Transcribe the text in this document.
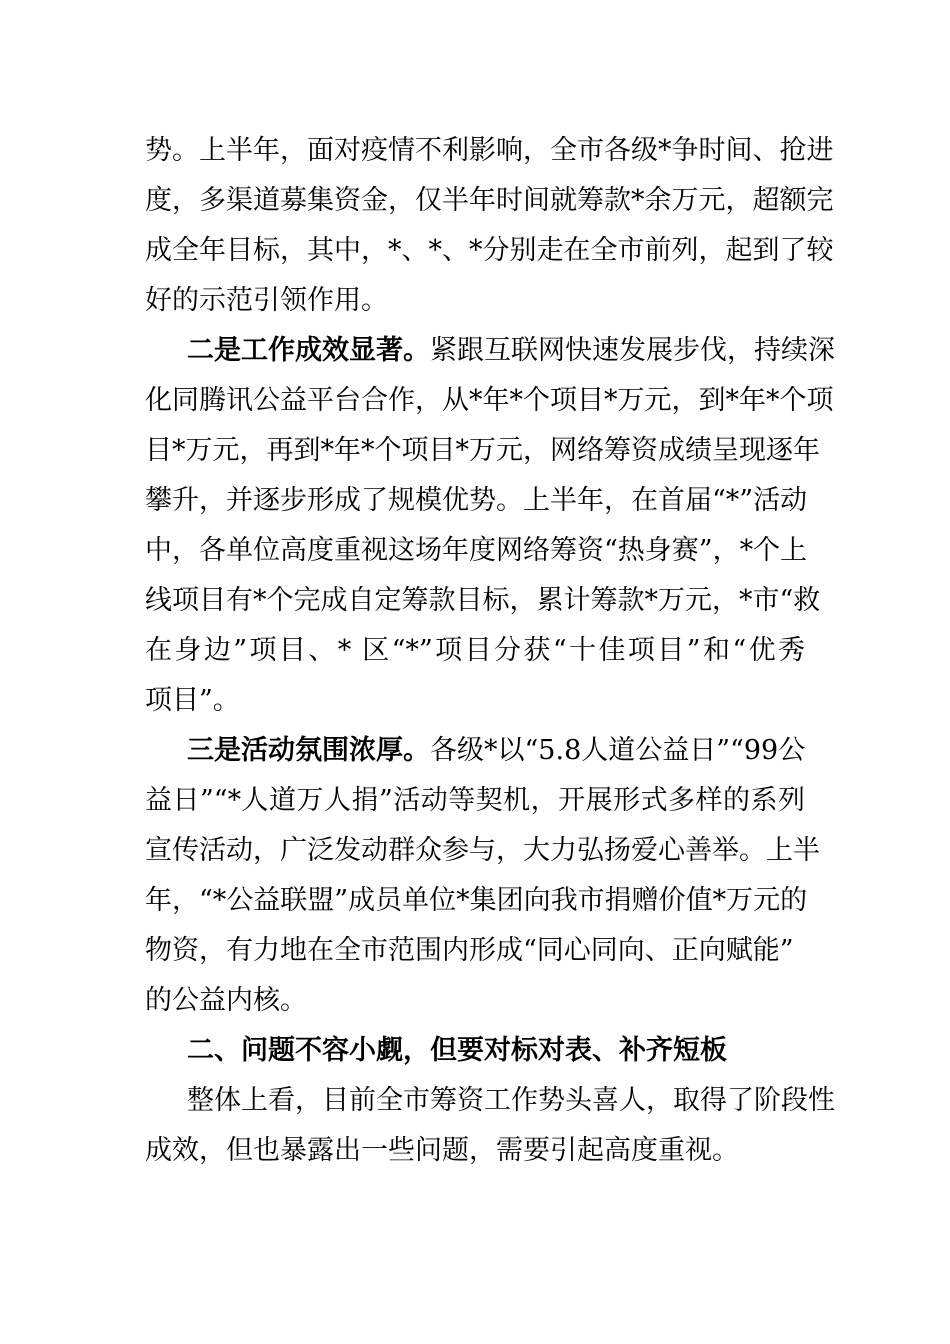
势。上半年，面对疫情不利影响，全市各级*争时间、抢进
度，多渠道募集资金，仅半年时间就筹款*余万元，超额完
成全年目标，其中，*、*、*分别走在全市前列，起到了较
好的示范引领作用。
二是工作成效显著。紧跟互联网快速发展步伐，持续深
化同腾讯公益平台合作，从*年*个项目*万元，到*年*个项
目*万元，再到*年*个项目*万元，网络筹资成绩呈现逐年
攀升，并逐步形成了规模优势。上半年，在首届“*”活动
中，各单位高度重视这场年度网络筹资“热身赛”，*个上
线项目有*个完成自定筹款目标，累计筹款*万元，*市“救
在身边”项目、* 区“*”项目分获“十佳项目”和“优秀
项目”。
三是活动氛围浓厚。各级*以“5.8人道公益日”“99公
益日”“*人道万人捐”活动等契机，开展形式多样的系列
宣传活动，广泛发动群众参与，大力弘扬爱心善举。上半
年，“*公益联盟”成员单位*集团向我市捐赠价值*万元的
物资，有力地在全市范围内形成“同心同向、正向赋能”
的公益内核。
二、问题不容小觑，但要对标对表、补齐短板
整体上看，目前全市筹资工作势头喜人，取得了阶段性
成效，但也暴露出一些问题，需要引起高度重视。
